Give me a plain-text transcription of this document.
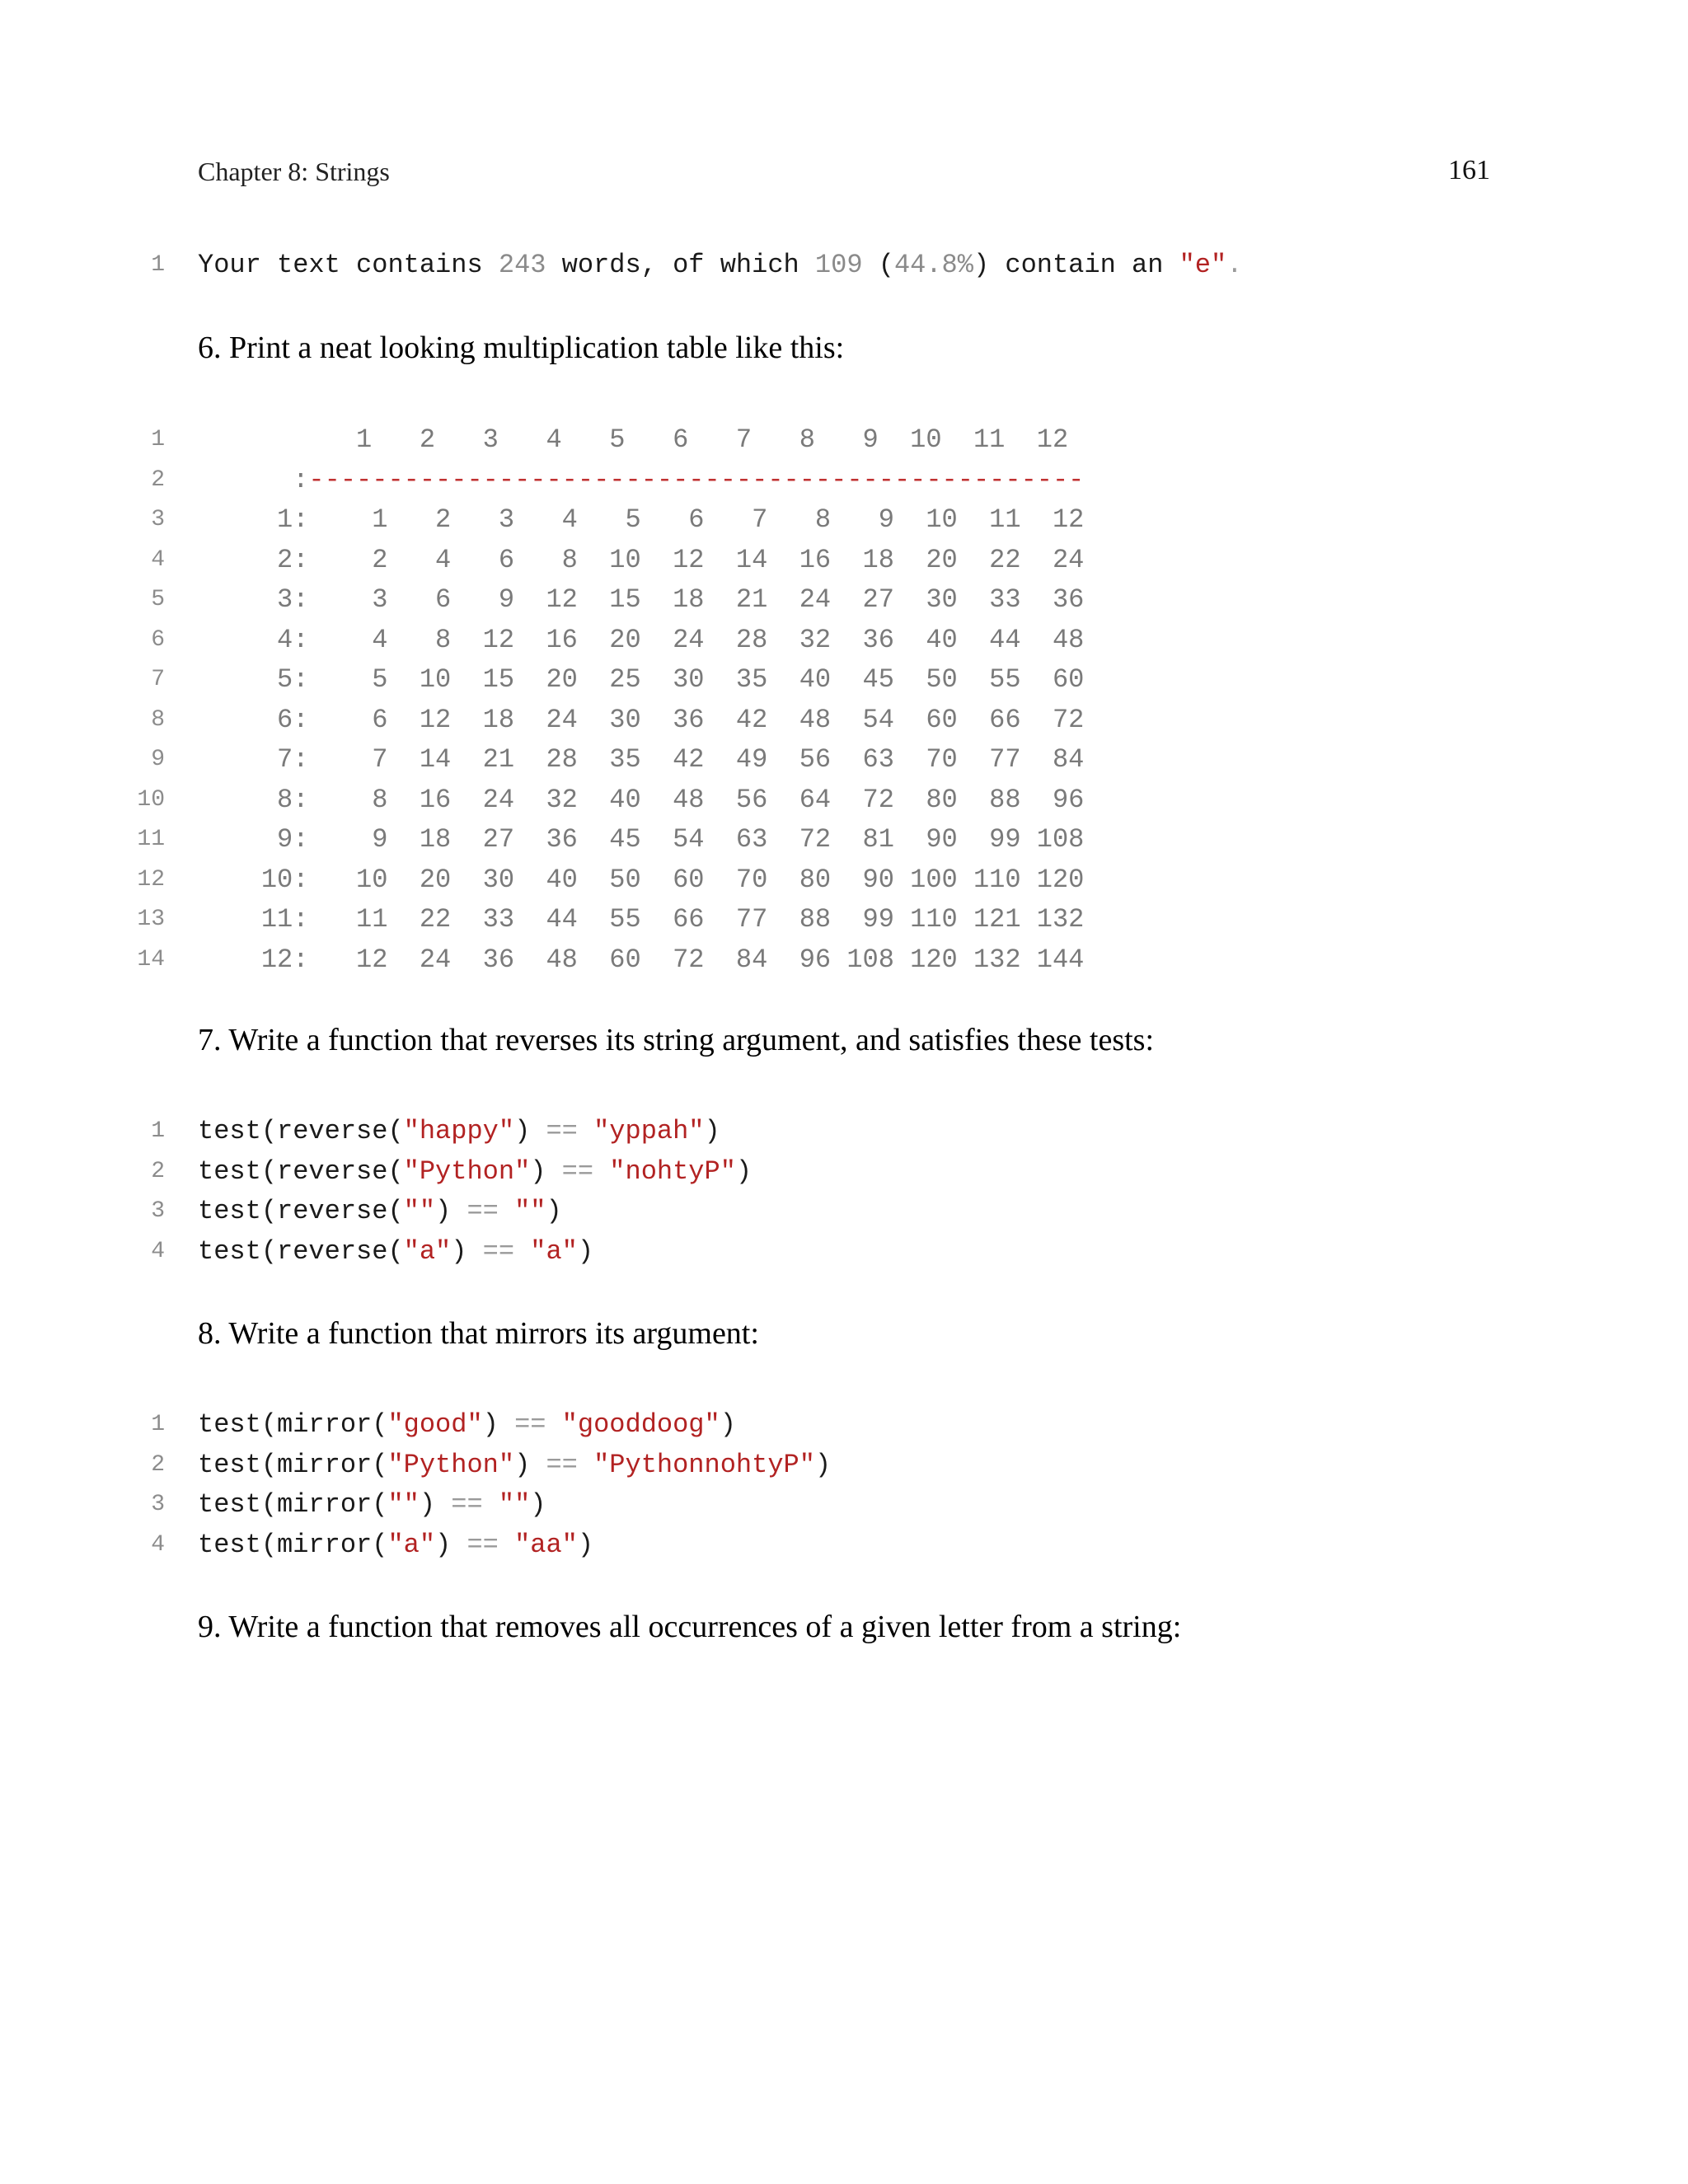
Chapter 8: Strings	161
1 Your text contains 243 words, of which 109 (44.8%) contain an "e".
6. Print a neat looking multiplication table like this:
1 1   2   3   4   5   6   7   8   9  10  11  12
2 :-------------------------------------------------
3 1:    1   2   3   4   5   6   7   8   9  10  11  12
4 2:    2   4   6   8  10  12  14  16  18  20  22  24
5 3:    3   6   9  12  15  18  21  24  27  30  33  36
6 4:    4   8  12  16  20  24  28  32  36  40  44  48
7 5:    5  10  15  20  25  30  35  40  45  50  55  60
8 6:    6  12  18  24  30  36  42  48  54  60  66  72
9 7:    7  14  21  28  35  42  49  56  63  70  77  84
10 8:    8  16  24  32  40  48  56  64  72  80  88  96
11 9:    9  18  27  36  45  54  63  72  81  90  99 108
12 10:   10  20  30  40  50  60  70  80  90 100 110 120
13 11:   11  22  33  44  55  66  77  88  99 110 121 132
14 12:   12  24  36  48  60  72  84  96 108 120 132 144
7. Write a function that reverses its string argument, and satisfies these tests:
1 test(reverse("happy") == "yppah")
2 test(reverse("Python") == "nohtyP")
3 test(reverse("") == "")
4 test(reverse("a") == "a")
8. Write a function that mirrors its argument:
1 test(mirror("good") == "gooddoog")
2 test(mirror("Python") == "PythonnohtyP")
3 test(mirror("") == "")
4 test(mirror("a") == "aa")
9. Write a function that removes all occurrences of a given letter from a string:
